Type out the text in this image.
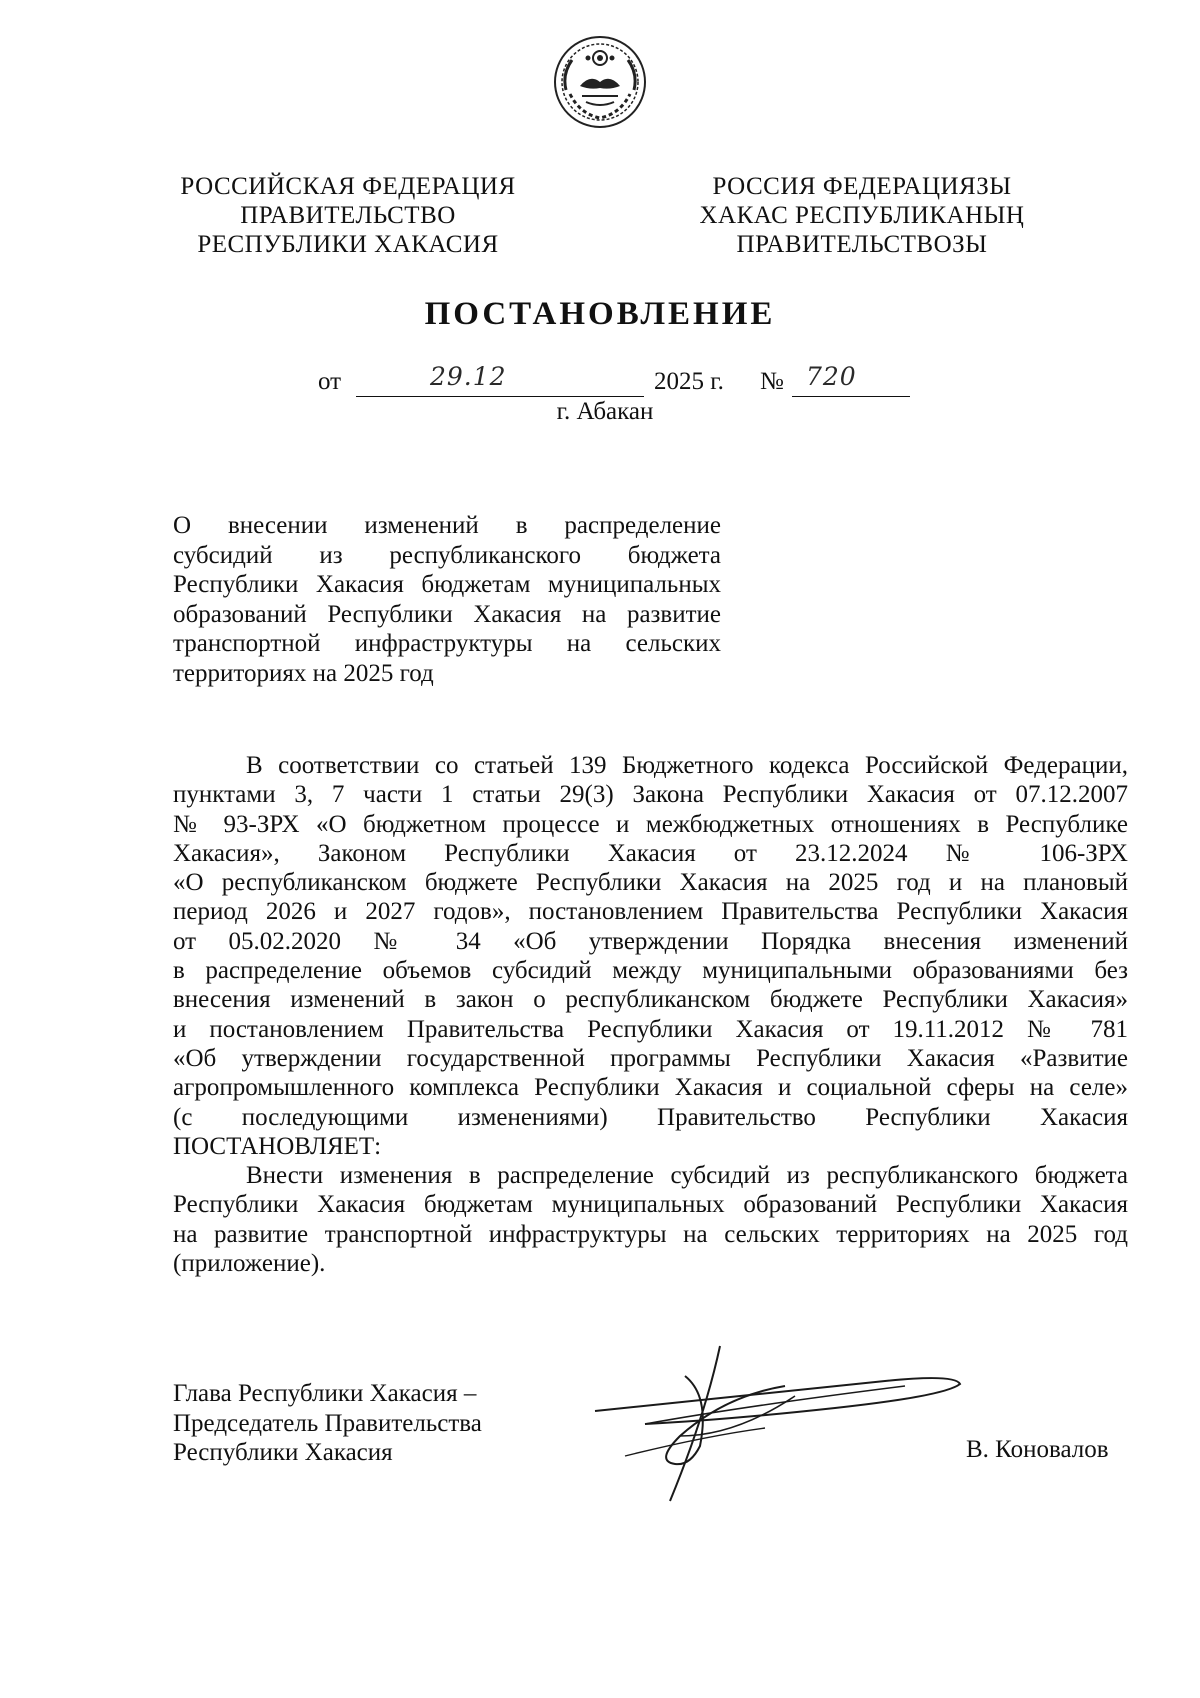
РОССИЙСКАЯ ФЕДЕРАЦИЯ
ПРАВИТЕЛЬСТВО
РЕСПУБЛИКИ ХАКАСИЯ
РОССИЯ ФЕДЕРАЦИЯЗЫ
ХАКАС РЕСПУБЛИКАНЫҢ
ПРАВИТЕЛЬСТВОЗЫ
ПОСТАНОВЛЕНИЕ
от	29.12	2025 г. № 720
г. Абакан
О внесении изменений в распределение
субсидий из республиканского бюджета
Республики Хакасия бюджетам муниципальных
образований Республики Хакасия на развитие
транспортной инфраструктуры на сельских
территориях на 2025 год
В соответствии со статьей 139 Бюджетного кодекса Российской Федерации,
пунктами 3, 7 части 1 статьи 29(3) Закона Республики Хакасия от 07.12.2007
№ 93-ЗРХ «О бюджетном процессе и межбюджетных отношениях в Республике
Хакасия», Законом Республики Хакасия от 23.12.2024 № 106-ЗРХ
«О республиканском бюджете Республики Хакасия на 2025 год и на плановый
период 2026 и 2027 годов», постановлением Правительства Республики Хакасия
от 05.02.2020 № 34 «Об утверждении Порядка внесения изменений
в распределение объемов субсидий между муниципальными образованиями без
внесения изменений в закон о республиканском бюджете Республики Хакасия»
и постановлением Правительства Республики Хакасия от 19.11.2012 № 781
«Об утверждении государственной программы Республики Хакасия «Развитие
агропромышленного комплекса Республики Хакасия и социальной сферы на селе»
(с последующими изменениями) Правительство Республики Хакасия
ПОСТАНОВЛЯЕТ:
Внести изменения в распределение субсидий из республиканского бюджета
Республики Хакасия бюджетам муниципальных образований Республики Хакасия
на развитие транспортной инфраструктуры на сельских территориях на 2025 год
(приложение).
Глава Республики Хакасия –
Председатель Правительства
Республики Хакасия	В. Коновалов
